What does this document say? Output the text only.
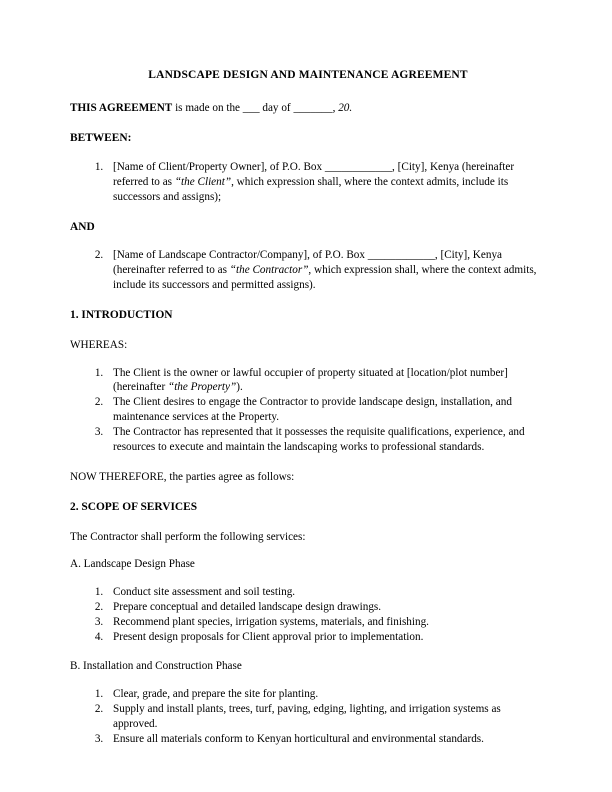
LANDSCAPE DESIGN AND MAINTENANCE AGREEMENT

THIS AGREEMENT is made on the ___ day of _______, 20.

BETWEEN:
1. [Name of Client/Property Owner], of P.O. Box ____________, [City], Kenya (hereinafter referred to as “the Client”, which expression shall, where the context admits, include its successors and assigns);
AND
2. [Name of Landscape Contractor/Company], of P.O. Box ____________, [City], Kenya (hereinafter referred to as “the Contractor”, which expression shall, where the context admits, include its successors and permitted assigns).
1. INTRODUCTION
WHEREAS:
1. The Client is the owner or lawful occupier of property situated at [location/plot number] (hereinafter “the Property”).
2. The Client desires to engage the Contractor to provide landscape design, installation, and maintenance services at the Property.
3. The Contractor has represented that it possesses the requisite qualifications, experience, and resources to execute and maintain the landscaping works to professional standards.

NOW THEREFORE, the parties agree as follows:

2. SCOPE OF SERVICES

The Contractor shall perform the following services:

A. Landscape Design Phase
1. Conduct site assessment and soil testing.
2. Prepare conceptual and detailed landscape design drawings.
3. Recommend plant species, irrigation systems, materials, and finishing.
4. Present design proposals for Client approval prior to implementation.
B. Installation and Construction Phase
1. Clear, grade, and prepare the site for planting.
2. Supply and install plants, trees, turf, paving, edging, lighting, and irrigation systems as approved.
3. Ensure all materials conform to Kenyan horticultural and environmental standards.
